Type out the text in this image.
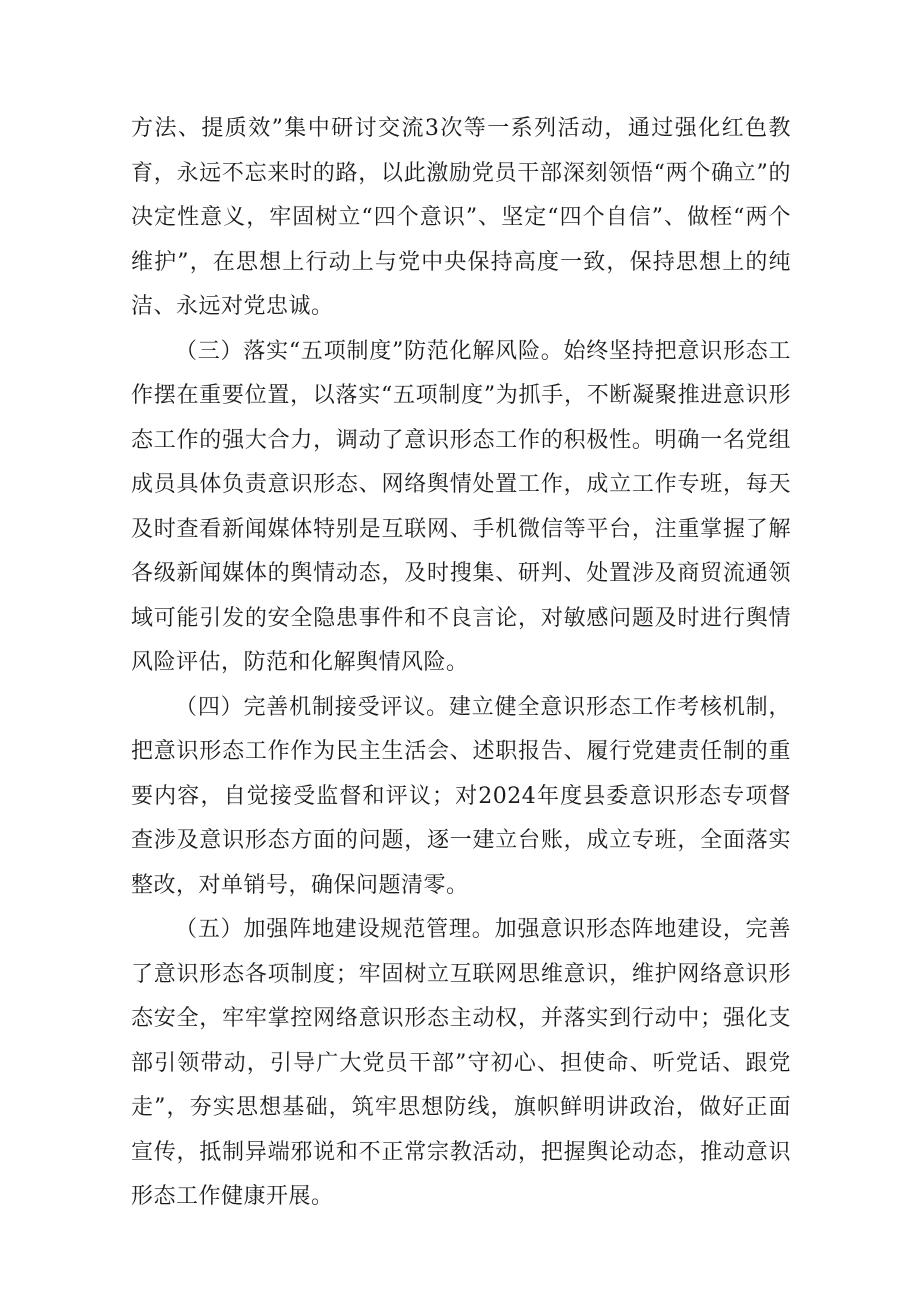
方法、提质效”集中研讨交流3次等一系列活动，通过强化红色教育，永远不忘来时的路，以此激励党员干部深刻领悟“两个确立”的决定性意义，牢固树立“四个意识”、坚定“四个自信”、做桎“两个维护”，在思想上行动上与党中央保持高度一致，保持思想上的纯洁、永远对党忠诚。

（三）落实“五项制度”防范化解风险。始终坚持把意识形态工作摆在重要位置，以落实“五项制度”为抓手，不断凝聚推进意识形态工作的强大合力，调动了意识形态工作的积极性。明确一名党组成员具体负责意识形态、网络舆情处置工作，成立工作专班，每天及时查看新闻媒体特别是互联网、手机微信等平台，注重掌握了解各级新闻媒体的舆情动态，及时搜集、研判、处置涉及商贸流通领域可能引发的安全隐患事件和不良言论，对敏感问题及时进行舆情风险评估，防范和化解舆情风险。

（四）完善机制接受评议。建立健全意识形态工作考核机制，把意识形态工作作为民主生活会、述职报告、履行党建责任制的重要内容，自觉接受监督和评议；对2024年度县委意识形态专项督查涉及意识形态方面的问题，逐一建立台账，成立专班，全面落实整改，对单销号，确保问题清零。

（五）加强阵地建设规范管理。加强意识形态阵地建设，完善了意识形态各项制度；牢固树立互联网思维意识，维护网络意识形态安全，牢牢掌控网络意识形态主动权，并落实到行动中；强化支部引领带动，引导广大党员干部”守初心、担使命、听党话、跟党走”，夯实思想基础，筑牢思想防线，旗帜鲜明讲政治，做好正面宣传，抵制异端邪说和不正常宗教活动，把握舆论动态，推动意识形态工作健康开展。
